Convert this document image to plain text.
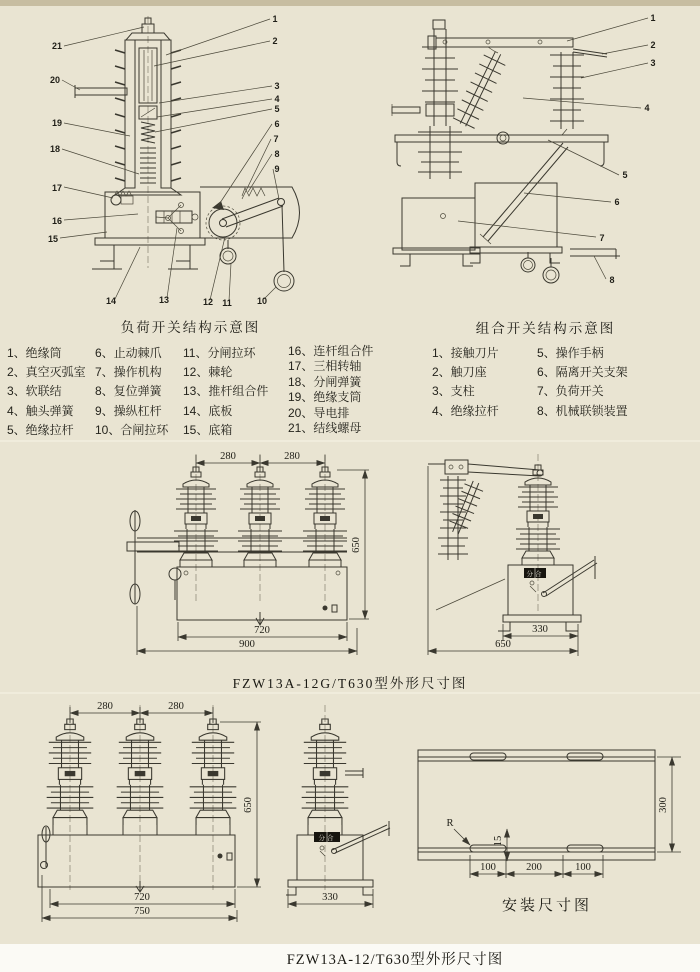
1
2
3
4
5
6
7
8
9
10
11
12
13
14
15
16
17
18
19
20
21
1
2
3
4
5
6
7
8
负荷开关结构示意图	组合开关结构示意图
1、绝缘筒
2、真空灭弧室
3、软联结
4、触头弹簧
5、绝缘拉杆
6、止动棘爪
7、操作机构
8、复位弹簧
9、操纵杠杆
10、合闸拉环
11、分闸拉环
12、棘轮
13、推杆组合件
14、底板
15、底箱
16、连杆组合件
17、三相转轴
18、分闸弹簧
19、绝缘支筒
20、导电排
21、结线螺母
1、接触刀片
2、触刀座
3、支柱
4、绝缘拉杆
5、操作手柄
6、隔离开关支架
7、负荷开关
8、机械联锁装置
280	280
650
720
900
分合
330
650
FZW13A-12G/T630型外形尺寸图
280	280
650
720
750
分合
330
R
15
100	200	100
300
安装尺寸图
FZW13A-12/T630型外形尺寸图
